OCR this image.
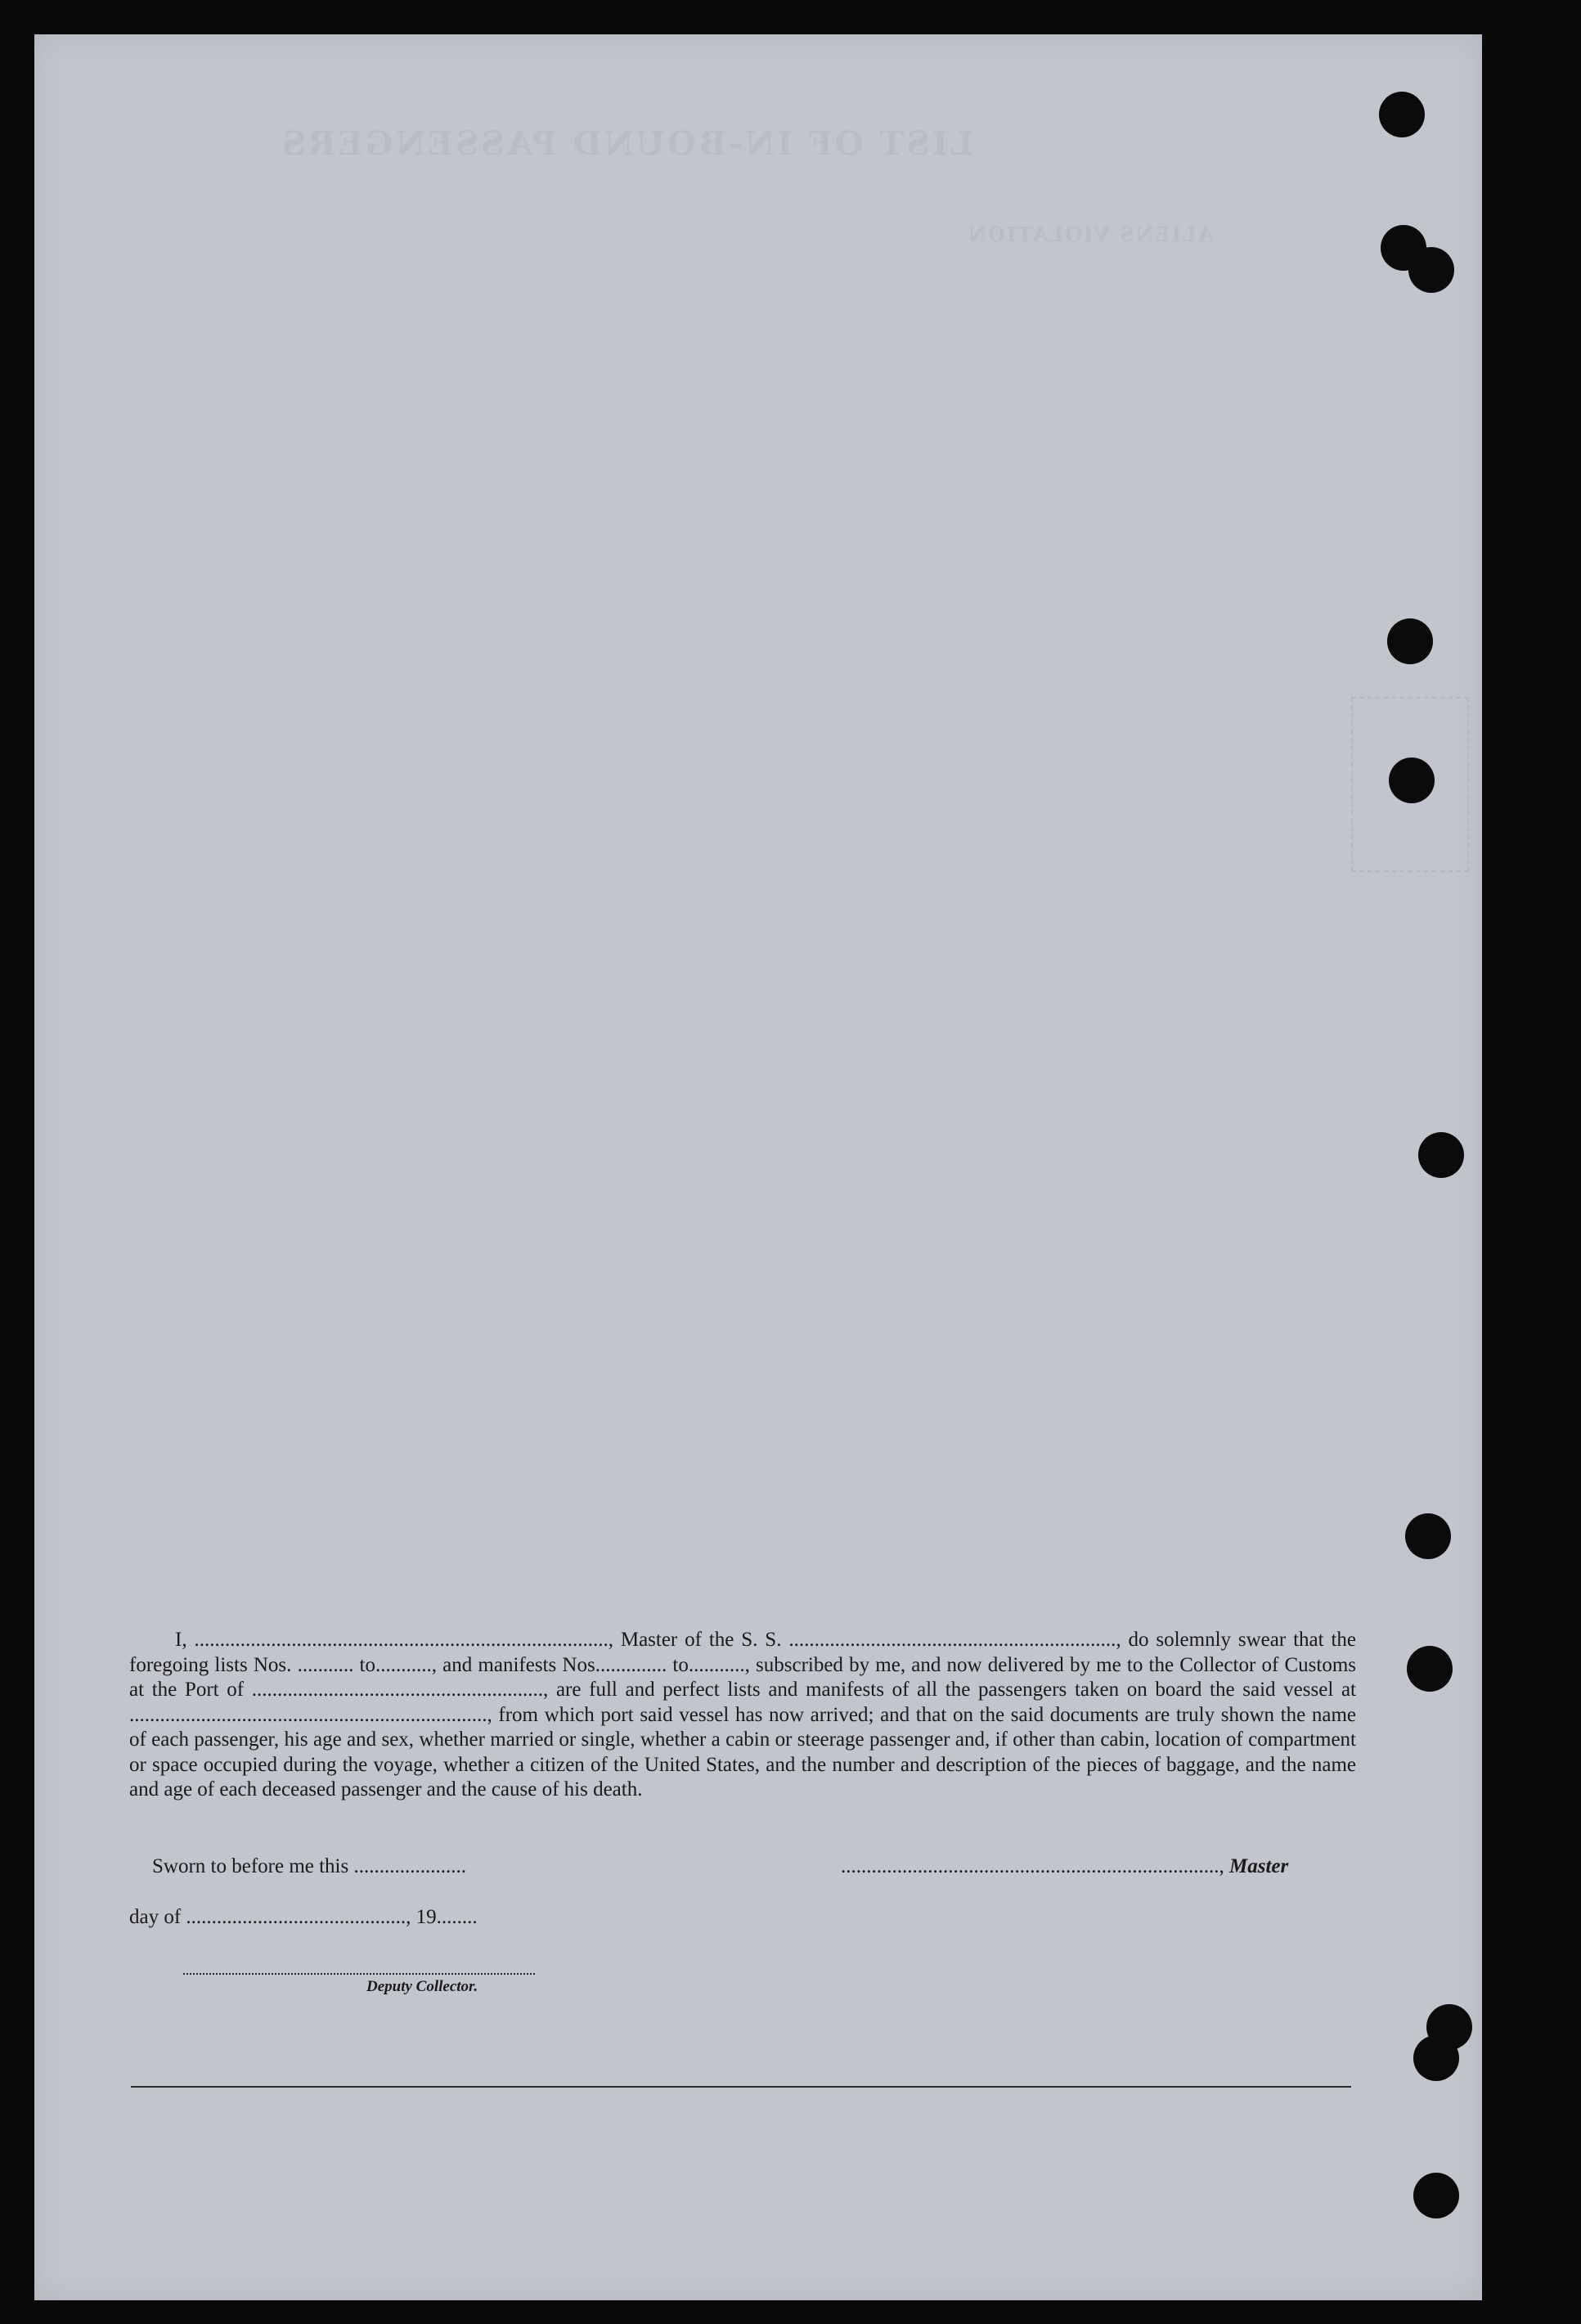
LIST OF IN-BOUND PASSENGERS
ALIENS VIOLATION
I, ................................................................................., Master of the S. S. ................................................................, do solemnly swear that the foregoing lists Nos. ........... to..........., and manifests Nos.............. to..........., subscribed by me, and now delivered by me to the Collector of Customs at the Port of ........................................................., are full and perfect lists and manifests of all the passengers taken on board the said vessel at ......................................................................, from which port said vessel has now arrived; and that on the said documents are truly shown the name of each passenger, his age and sex, whether married or single, whether a cabin or steerage passenger and, if other than cabin, location of compartment or space occupied during the voyage, whether a citizen of the United States, and the number and description of the pieces of baggage, and the name and age of each deceased passenger and the cause of his death.
Sworn to before me this ......................	.........................................................................., Master
day of ..........................................., 19........
Deputy Collector.
